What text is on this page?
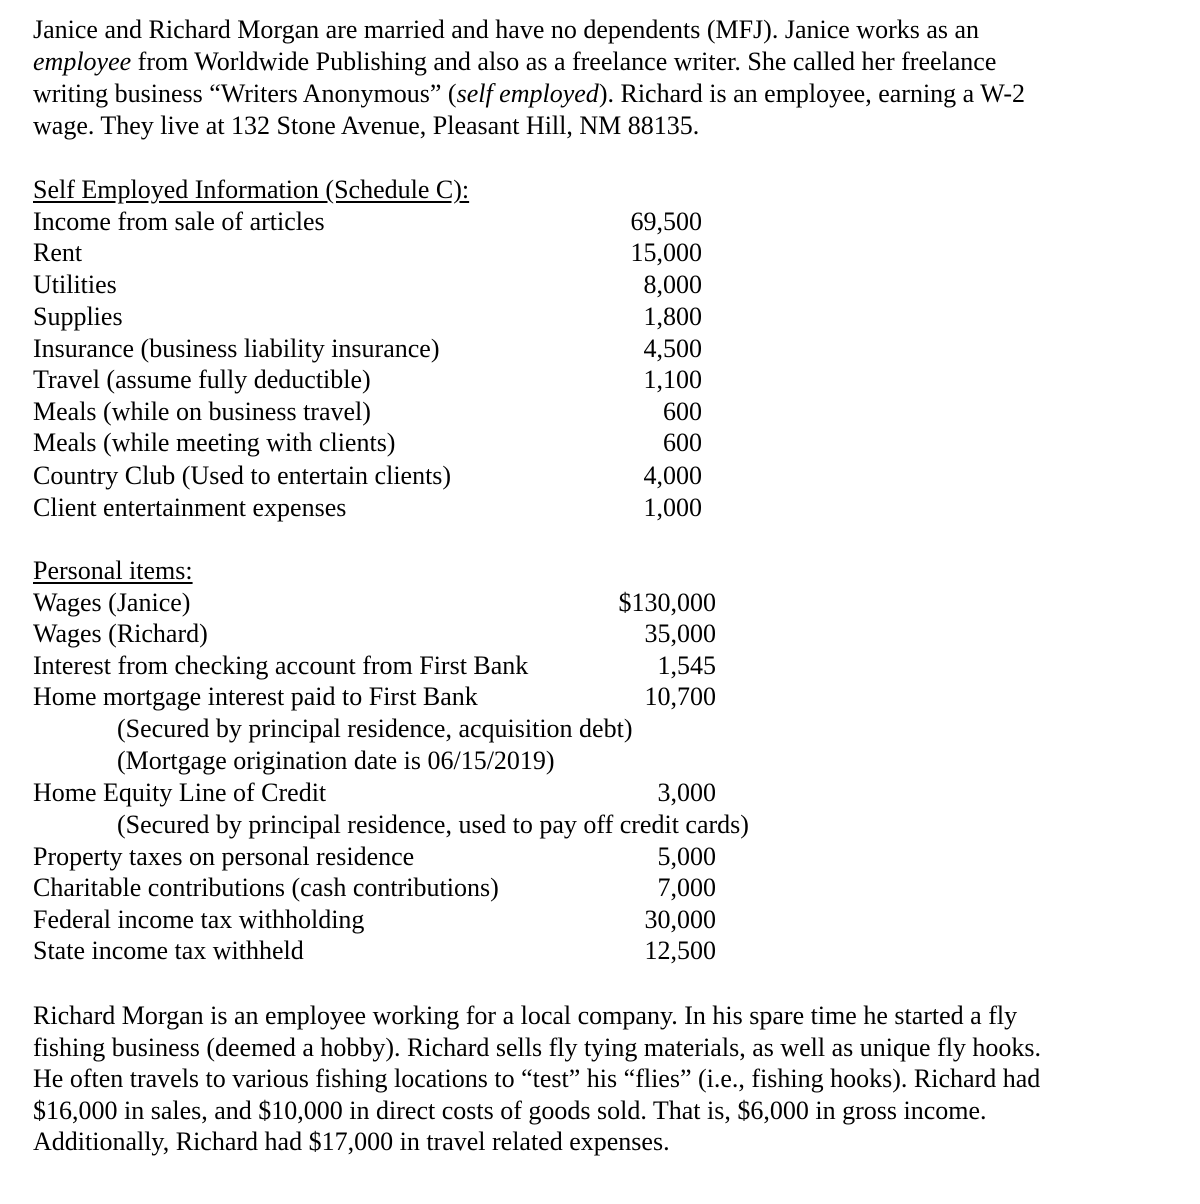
Janice and Richard Morgan are married and have no dependents (MFJ). Janice works as an
employee from Worldwide Publishing and also as a freelance writer. She called her freelance
writing business “Writers Anonymous” (self employed). Richard is an employee, earning a W-2
wage. They live at 132 Stone Avenue, Pleasant Hill, NM 88135.
Self Employed Information (Schedule C):
Income from sale of articles	69,500
Rent	15,000
Utilities	8,000
Supplies	1,800
Insurance (business liability insurance)	4,500
Travel (assume fully deductible)	1,100
Meals (while on business travel)	600
Meals (while meeting with clients)	600
Country Club (Used to entertain clients)	4,000
Client entertainment expenses	1,000
Personal items:
Wages (Janice)	$130,000
Wages (Richard)	35,000
Interest from checking account from First Bank	1,545
Home mortgage interest paid to First Bank	10,700
(Secured by principal residence, acquisition debt)
(Mortgage origination date is 06/15/2019)
Home Equity Line of Credit	3,000
(Secured by principal residence, used to pay off credit cards)
Property taxes on personal residence	5,000
Charitable contributions (cash contributions)	7,000
Federal income tax withholding	30,000
State income tax withheld	12,500
Richard Morgan is an employee working for a local company. In his spare time he started a fly
fishing business (deemed a hobby). Richard sells fly tying materials, as well as unique fly hooks.
He often travels to various fishing locations to “test” his “flies” (i.e., fishing hooks). Richard had
$16,000 in sales, and $10,000 in direct costs of goods sold. That is, $6,000 in gross income.
Additionally, Richard had $17,000 in travel related expenses.
